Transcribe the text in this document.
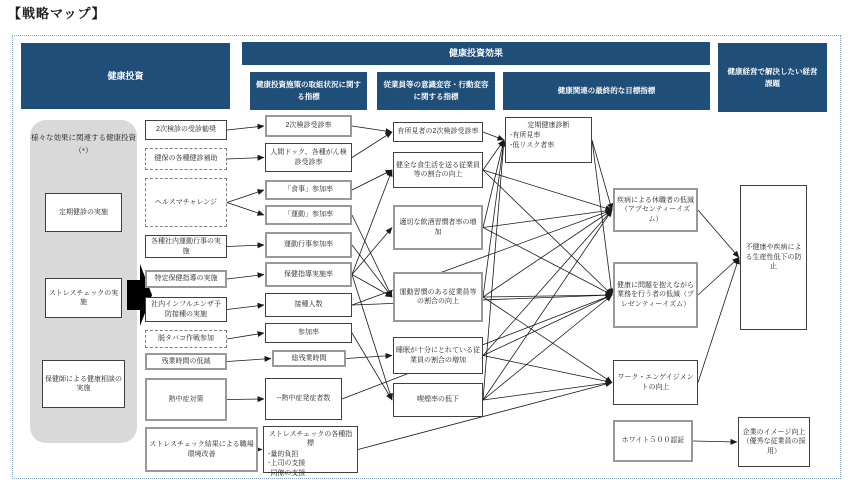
【戦略マップ】
健康投資
健康投資効果
健康投資施策の取組状況に関する指標
従業員等の意識変容・行動変容に関する指標
健康関連の最終的な目標指標
健康経営で解決したい経営課題
様々な効果に関連する健康投資（*）
定期健診の実施
ストレスチェックの実施
保健師による健康相談の実施
2次検診の受診勧奨
健保の各種健診補助
ヘルスマチャレンジ
各種社内運動行事の実施
特定保健指導の実施
社内インフルエンザ予防接種の実施
脱タバコ作戦参加
残業時間の低減
熱中症対策
ストレスチェック結果による職場環境改善
2次検診受診率
人間ドック、各種がん検診受診率
「食事」参加率
「運動」参加率
運動行事参加率
保健指導実施率
接種人数
参加率
総残業時間
--熱中症発症者数
ストレスチェックの各種指標
-量的負担
-上司の支援
-同僚の支援
有所見者の2次検診受診率
健全な食生活を送る従業員等の割合の向上
適切な飲酒習慣者率の増加
運動習慣のある従業員等の割合の向上
睡眠が十分にとれている従業員の割合の増加
喫煙率の低下
定期健康診断
-有所見率
-低リスク者率
疾病による休職者の低減（アブセンティーイズム）
健康に問題を抱えながら業務を行う者の低減（プレゼンティーイズム）
ワーク・エンゲイジメントの向上
ホワイト５００認証
不健康や疾病による生産性低下の防止
企業のイメージ向上（優秀な従業員の採用）
